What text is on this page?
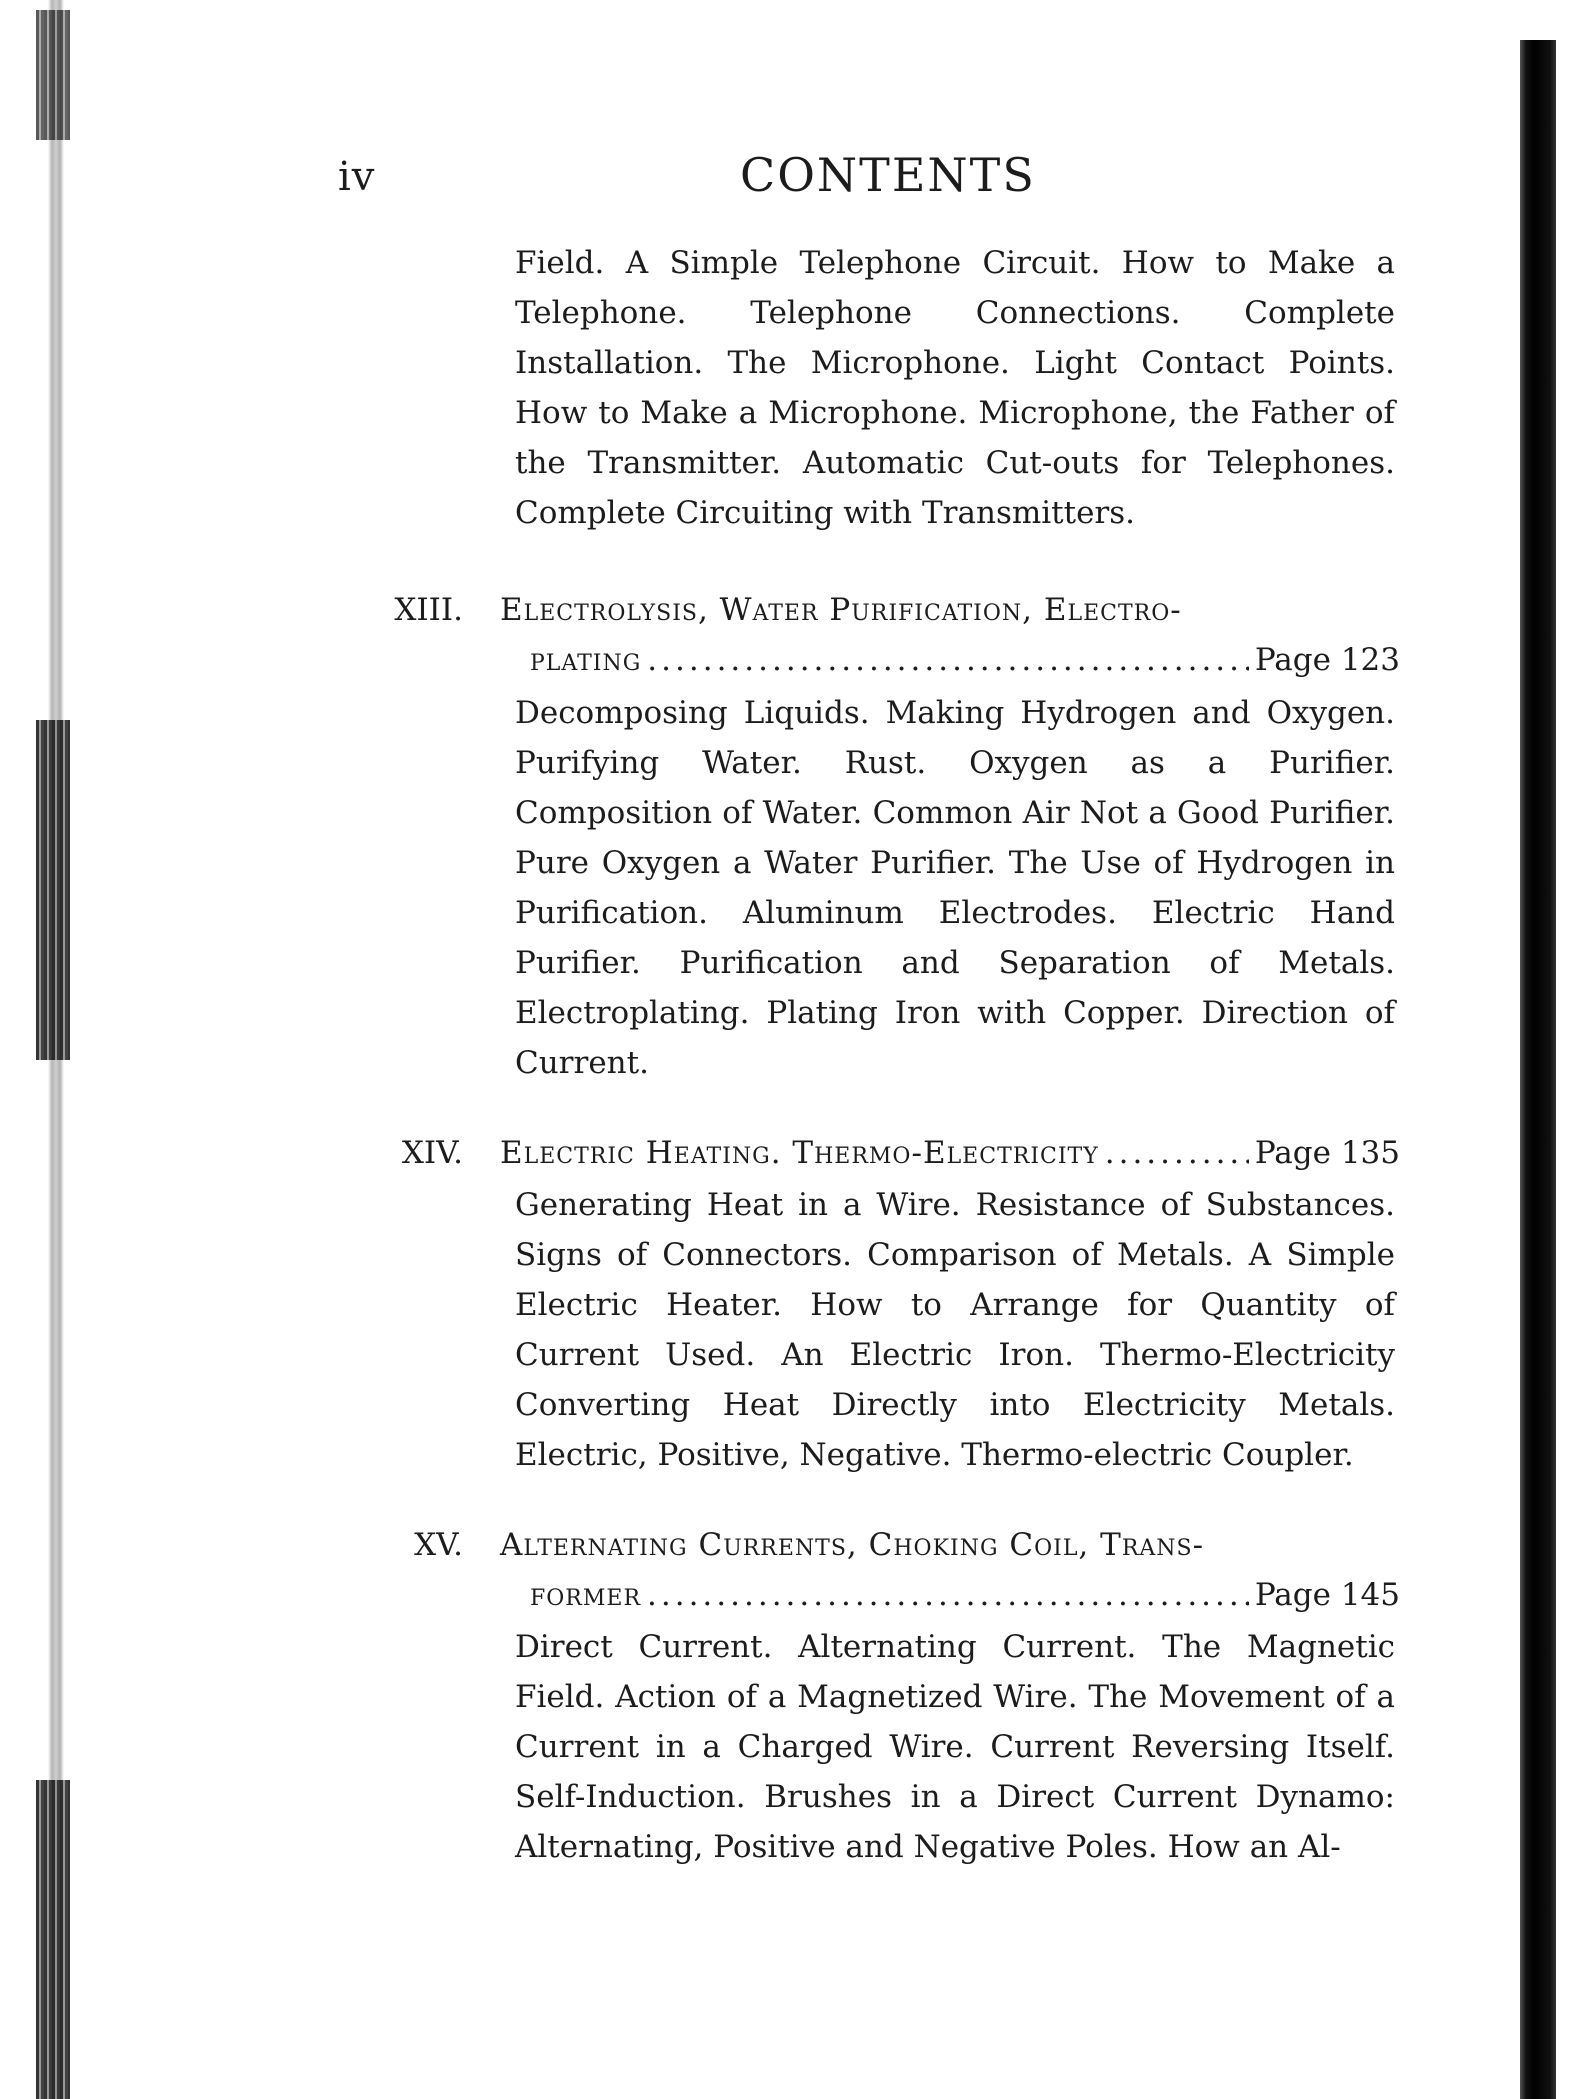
iv	CONTENTS
Field. A Simple Telephone Circuit. How to Make a Telephone. Telephone Connections. Complete Installation. The Microphone. Light Contact Points. How to Make a Microphone. Microphone, the Father of the Transmitter. Automatic Cut-outs for Telephones. Complete Circuiting with Transmitters.
XIII. Electrolysis, Water Purification, Electro-
plating .....	Page 123
Decomposing Liquids. Making Hydrogen and Oxygen. Purifying Water. Rust. Oxygen as a Purifier. Composition of Water. Common Air Not a Good Purifier. Pure Oxygen a Water Purifier. The Use of Hydrogen in Purification. Aluminum Electrodes. Electric Hand Purifier. Purification and Separation of Metals. Electroplating. Plating Iron with Copper. Direction of Current.
XIV. Electric Heating. Thermo-Electricity .....	Page 135
Generating Heat in a Wire. Resistance of Substances. Signs of Connectors. Comparison of Metals. A Simple Electric Heater. How to Arrange for Quantity of Current Used. An Electric Iron. Thermo-Electricity Converting Heat Directly into Electricity Metals. Electric, Positive, Negative. Thermo-electric Coupler.
XV. Alternating Currents, Choking Coil, Trans-
former .....	Page 145
Direct Current. Alternating Current. The Magnetic Field. Action of a Magnetized Wire. The Movement of a Current in a Charged Wire. Current Reversing Itself. Self-Induction. Brushes in a Direct Current Dynamo: Alternating, Positive and Negative Poles. How an Al-
